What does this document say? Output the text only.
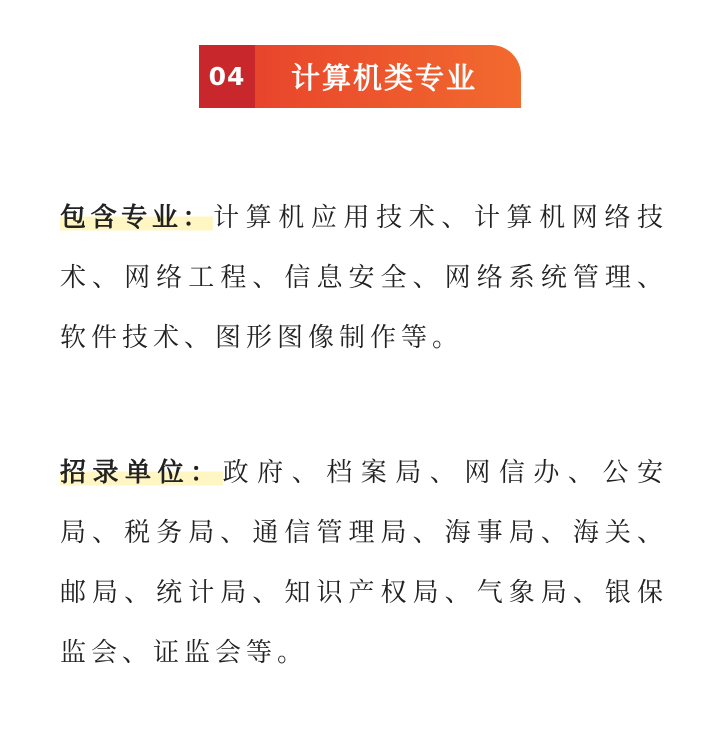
04	计算机类专业

包含专业：计算机应用技术、计算机网络技术、网络工程、信息安全、网络系统管理、软件技术、图形图像制作等。

招录单位：政府、档案局、网信办、公安局、税务局、通信管理局、海事局、海关、邮局、统计局、知识产权局、气象局、银保监会、证监会等。
